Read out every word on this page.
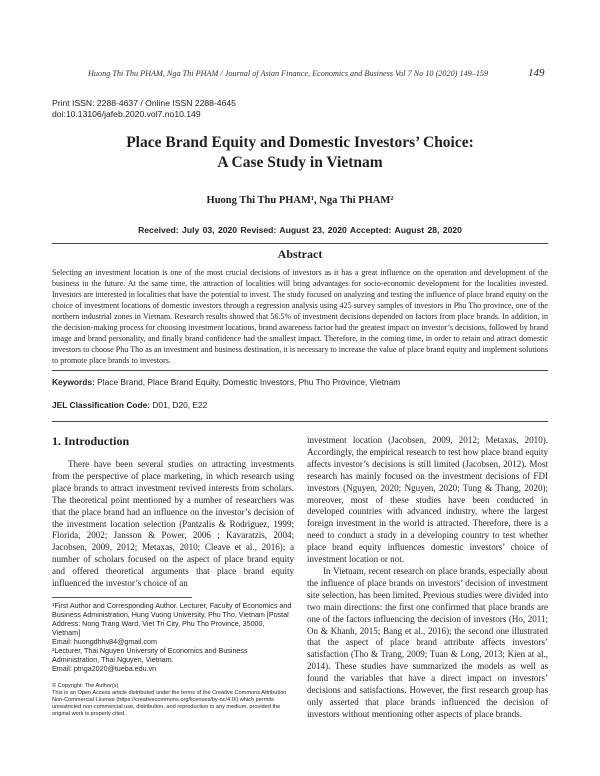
Huong Thi Thu PHAM, Nga Thi PHAM / Journal of Asian Finance, Economics and Business Vol 7 No 10 (2020) 149–159	149
Print ISSN: 2288-4637 / Online ISSN 2288-4645
doi:10.13106/jafeb.2020.vol7.no10.149
Place Brand Equity and Domestic Investors’ Choice:
A Case Study in Vietnam
Huong Thi Thu PHAM¹, Nga Thi PHAM²
Received: July 03, 2020 Revised: August 23, 2020 Accepted: August 28, 2020
Abstract
Selecting an investment location is one of the most crucial decisions of investors as it has a great influence on the operation and development of the business in the future. At the same time, the attraction of localities will bring advantages for socio-economic development for the localities invested. Investors are interested in localities that have the potential to invest. The study focused on analyzing and testing the influence of place brand equity on the choice of investment locations of domestic investors through a regression analysis using 425 survey samples of investors in Phu Tho province, one of the northern industrial zones in Vietnam. Research results showed that 56.5% of investment decisions depended on factors from place brands. In addition, in the decision-making process for choosing investment locations, brand awareness factor had the greatest impact on investor’s decisions, followed by brand image and brand personality, and finally brand confidence had the smallest impact. Therefore, in the coming time, in order to retain and attract domestic investors to choose Phu Tho as an investment and business destination, it is necessary to increase the value of place brand equity and implement solutions to promote place brands to investors.
Keywords: Place Brand, Place Brand Equity, Domestic Investors, Phu Tho Province, Vietnam
JEL Classification Code: D01, D20, E22
1. Introduction

There have been several studies on attracting investments from the perspective of place marketing, in which research using place brands to attract investment revived interests from scholars. The theoretical point mentioned by a number of researchers was that the place brand had an influence on the investor’s decision of the investment location selection (Pantzalis & Rodriguez, 1999; Florida, 2002; Jansson & Power, 2006 ; Kavaratzis, 2004; Jacobsen, 2009, 2012; Metaxas, 2010; Cleave et al., 2016); a number of scholars focused on the aspect of place brand equity and offered theoretical arguments that place brand equity influenced the investor’s choice of an

investment location (Jacobsen, 2009, 2012; Metaxas, 2010). Accordingly, the empirical research to test how place brand equity affects investor’s decisions is still limited (Jacobsen, 2012). Most research has mainly focused on the investment decisions of FDI investors (Nguyen, 2020; Nguyen, 2020; Tung & Thang, 2020); moreover, most of these studies have been conducted in developed countries with advanced industry, where the largest foreign investment in the world is attracted. Therefore, there is a need to conduct a study in a developing country to test whether place brand equity influences domestic investors’ choice of investment location or not.

In Vietnam, recent research on place brands, especially about the influence of place brands on investors’ decision of investment site selection, has been limited. Previous studies were divided into two main directions: the first one confirmed that place brands are one of the factors influencing the decision of investors (Ho, 2011; On & Khanh, 2015; Bang et al., 2016); the second one illustrated that the aspect of place brand attribute affects investors’ satisfaction (Tho & Trang, 2009; Tuan & Long, 2013; Kien at al., 2014). These studies have summarized the models as well as found the variables that have a direct impact on investors’ decisions and satisfactions. However, the first research group has only asserted that place brands influenced the decision of investors without mentioning other aspects of place brands.

¹First Author and Corresponding Author. Lecturer, Faculty of Economics and Business Administration, Hung Vuong University, Phu Tho, Vietnam [Postal Address: Nong Trang Ward, Viet Tri City, Phu Tho Province, 35000, Vietnam]
Email: huongdhhv84@gmail.com
²Lecturer, Thai Nguyen University of Economics and Business Administration, Thai Nguyen, Vietnam.
Email: ptnga2020@tueba.edu.vn
© Copyright: The Author(s)
This is an Open Access article distributed under the terms of the Creative Commons Attribution Non-Commercial License (https://creativecommons.org/licenses/by-nc/4.0/) which permits unrestricted non-commercial use, distribution, and reproduction in any medium, provided the original work is properly cited.
